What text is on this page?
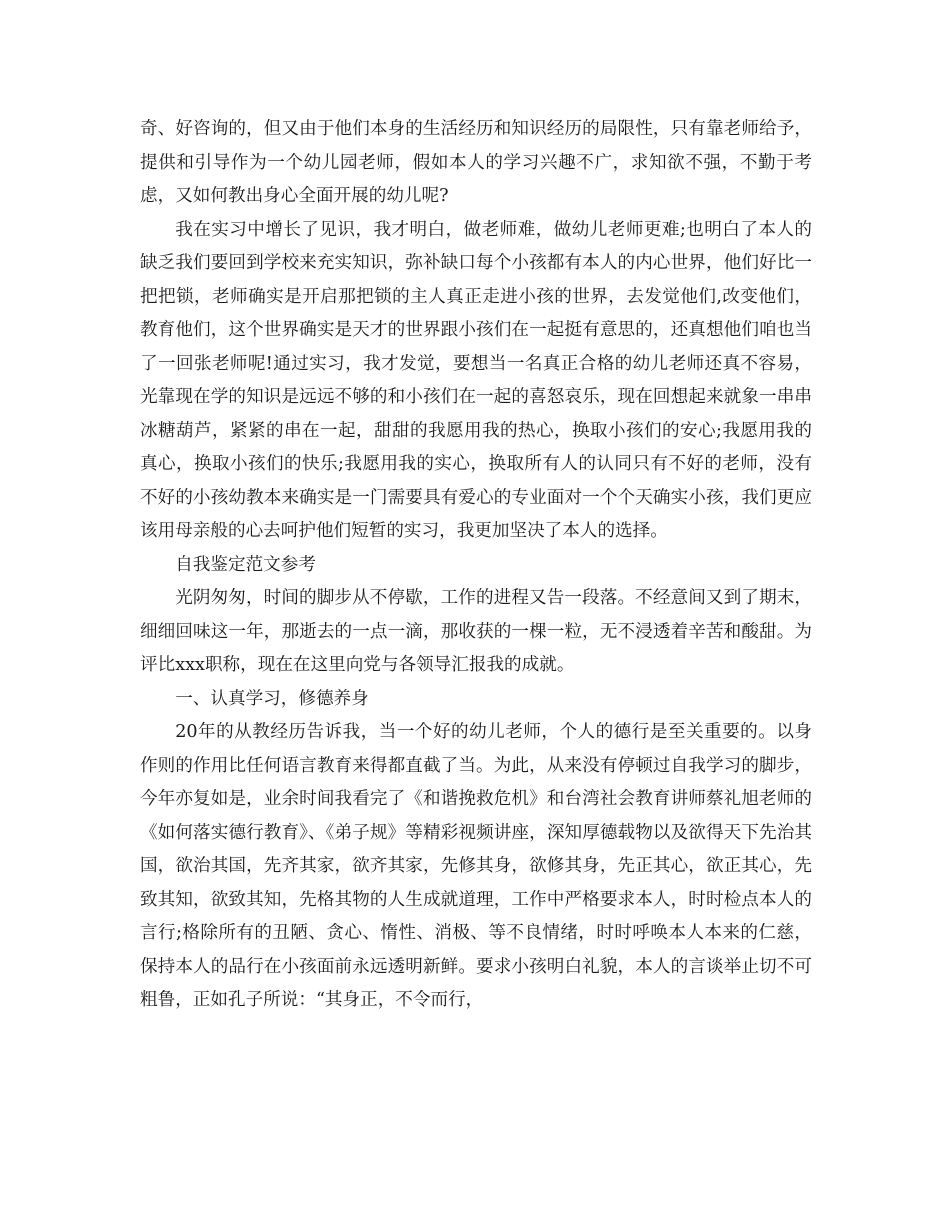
奇、好咨询的，但又由于他们本身的生活经历和知识经历的局限性，只有靠老师给予，提供和引导作为一个幼儿园老师，假如本人的学习兴趣不广，求知欲不强，不勤于考虑，又如何教出身心全面开展的幼儿呢?

我在实习中增长了见识，我才明白，做老师难，做幼儿老师更难;也明白了本人的缺乏我们要回到学校来充实知识，弥补缺口每个小孩都有本人的内心世界，他们好比一把把锁，老师确实是开启那把锁的主人真正走进小孩的世界，去发觉他们,改变他们，教育他们，这个世界确实是天才的世界跟小孩们在一起挺有意思的，还真想他们咱也当了一回张老师呢!通过实习，我才发觉，要想当一名真正合格的幼儿老师还真不容易，光靠现在学的知识是远远不够的和小孩们在一起的喜怒哀乐，现在回想起来就象一串串冰糖葫芦，紧紧的串在一起，甜甜的我愿用我的热心，换取小孩们的安心;我愿用我的真心，换取小孩们的快乐;我愿用我的实心，换取所有人的认同只有不好的老师，没有不好的小孩幼教本来确实是一门需要具有爱心的专业面对一个个天确实小孩，我们更应该用母亲般的心去呵护他们短暂的实习，我更加坚决了本人的选择。

自我鉴定范文参考

光阴匆匆，时间的脚步从不停歇，工作的进程又告一段落。不经意间又到了期末，细细回味这一年，那逝去的一点一滴，那收获的一棵一粒，无不浸透着辛苦和酸甜。为评比xxx职称，现在在这里向党与各领导汇报我的成就。

一、认真学习，修德养身

20年的从教经历告诉我，当一个好的幼儿老师，个人的德行是至关重要的。以身作则的作用比任何语言教育来得都直截了当。为此，从来没有停顿过自我学习的脚步，今年亦复如是，业余时间我看完了《和谐挽救危机》和台湾社会教育讲师蔡礼旭老师的《如何落实德行教育》、《弟子规》等精彩视频讲座，深知厚德载物以及欲得天下先治其国，欲治其国，先齐其家，欲齐其家，先修其身，欲修其身，先正其心，欲正其心，先致其知，欲致其知，先格其物的人生成就道理，工作中严格要求本人，时时检点本人的言行;格除所有的丑陋、贪心、惰性、消极、等不良情绪，时时呼唤本人本来的仁慈，保持本人的品行在小孩面前永远透明新鲜。要求小孩明白礼貌，本人的言谈举止切不可粗鲁，正如孔子所说：“其身正，不令而行，
